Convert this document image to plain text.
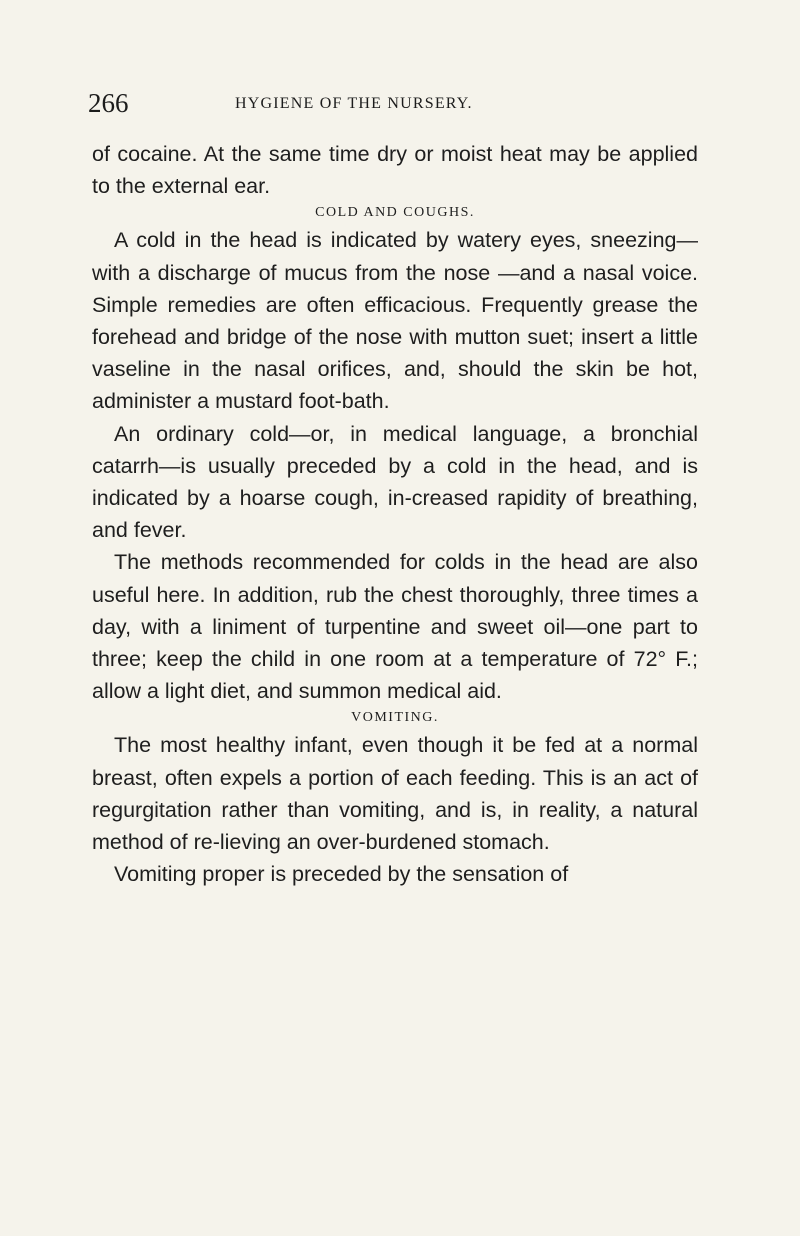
266	HYGIENE OF THE NURSERY.

of cocaine. At the same time dry or moist heat may be applied to the external ear.

COLD AND COUGHS.

A cold in the head is indicated by watery eyes, sneezing—with a discharge of mucus from the nose —and a nasal voice. Simple remedies are often efficacious. Frequently grease the forehead and bridge of the nose with mutton suet; insert a little vaseline in the nasal orifices, and, should the skin be hot, administer a mustard foot-bath.

An ordinary cold—or, in medical language, a bronchial catarrh—is usually preceded by a cold in the head, and is indicated by a hoarse cough, in-creased rapidity of breathing, and fever.

The methods recommended for colds in the head are also useful here. In addition, rub the chest thoroughly, three times a day, with a liniment of turpentine and sweet oil—one part to three; keep the child in one room at a temperature of 72° F.; allow a light diet, and summon medical aid.

VOMITING.

The most healthy infant, even though it be fed at a normal breast, often expels a portion of each feeding. This is an act of regurgitation rather than vomiting, and is, in reality, a natural method of re-lieving an over-burdened stomach.

Vomiting proper is preceded by the sensation of
